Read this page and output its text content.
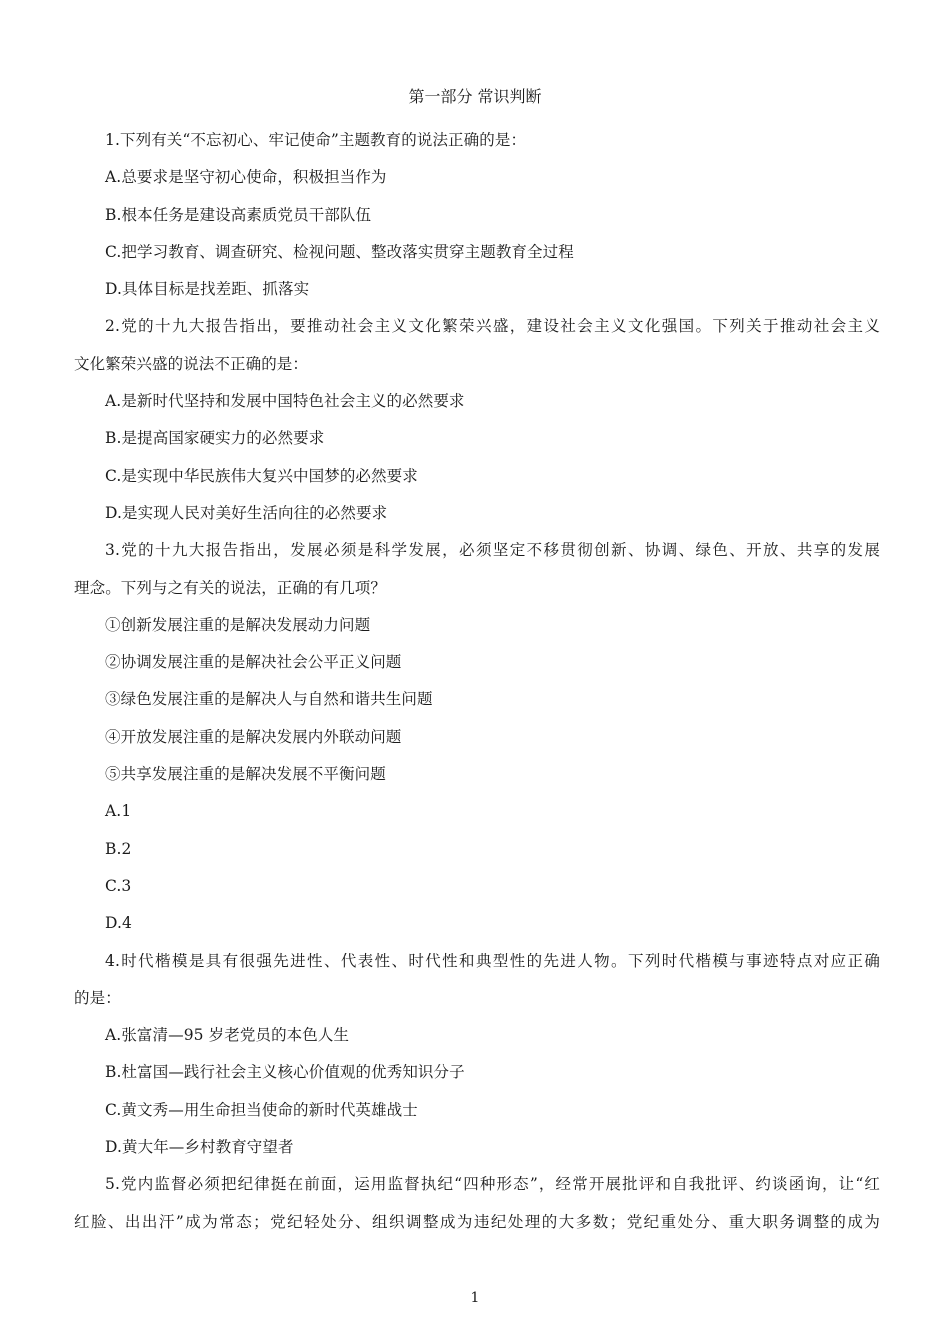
第一部分 常识判断
1.下列有关“不忘初心、牢记使命”主题教育的说法正确的是：
A.总要求是坚守初心使命，积极担当作为
B.根本任务是建设高素质党员干部队伍
C.把学习教育、调查研究、检视问题、整改落实贯穿主题教育全过程
D.具体目标是找差距、抓落实
2.党的十九大报告指出，要推动社会主义文化繁荣兴盛，建设社会主义文化强国。下列关于推动社会主义
文化繁荣兴盛的说法不正确的是：
A.是新时代坚持和发展中国特色社会主义的必然要求
B.是提高国家硬实力的必然要求
C.是实现中华民族伟大复兴中国梦的必然要求
D.是实现人民对美好生活向往的必然要求
3.党的十九大报告指出，发展必须是科学发展，必须坚定不移贯彻创新、协调、绿色、开放、共享的发展
理念。下列与之有关的说法，正确的有几项？
①创新发展注重的是解决发展动力问题
②协调发展注重的是解决社会公平正义问题
③绿色发展注重的是解决人与自然和谐共生问题
④开放发展注重的是解决发展内外联动问题
⑤共享发展注重的是解决发展不平衡问题
A.1
B.2
C.3
D.4
4.时代楷模是具有很强先进性、代表性、时代性和典型性的先进人物。下列时代楷模与事迹特点对应正确
的是：
A.张富清—95 岁老党员的本色人生
B.杜富国—践行社会主义核心价值观的优秀知识分子
C.黄文秀—用生命担当使命的新时代英雄战士
D.黄大年—乡村教育守望者
5.党内监督必须把纪律挺在前面，运用监督执纪“四种形态”，经常开展批评和自我批评、约谈函询，让“红
红脸、出出汗”成为常态；党纪轻处分、组织调整成为违纪处理的大多数；党纪重处分、重大职务调整的成为
1
